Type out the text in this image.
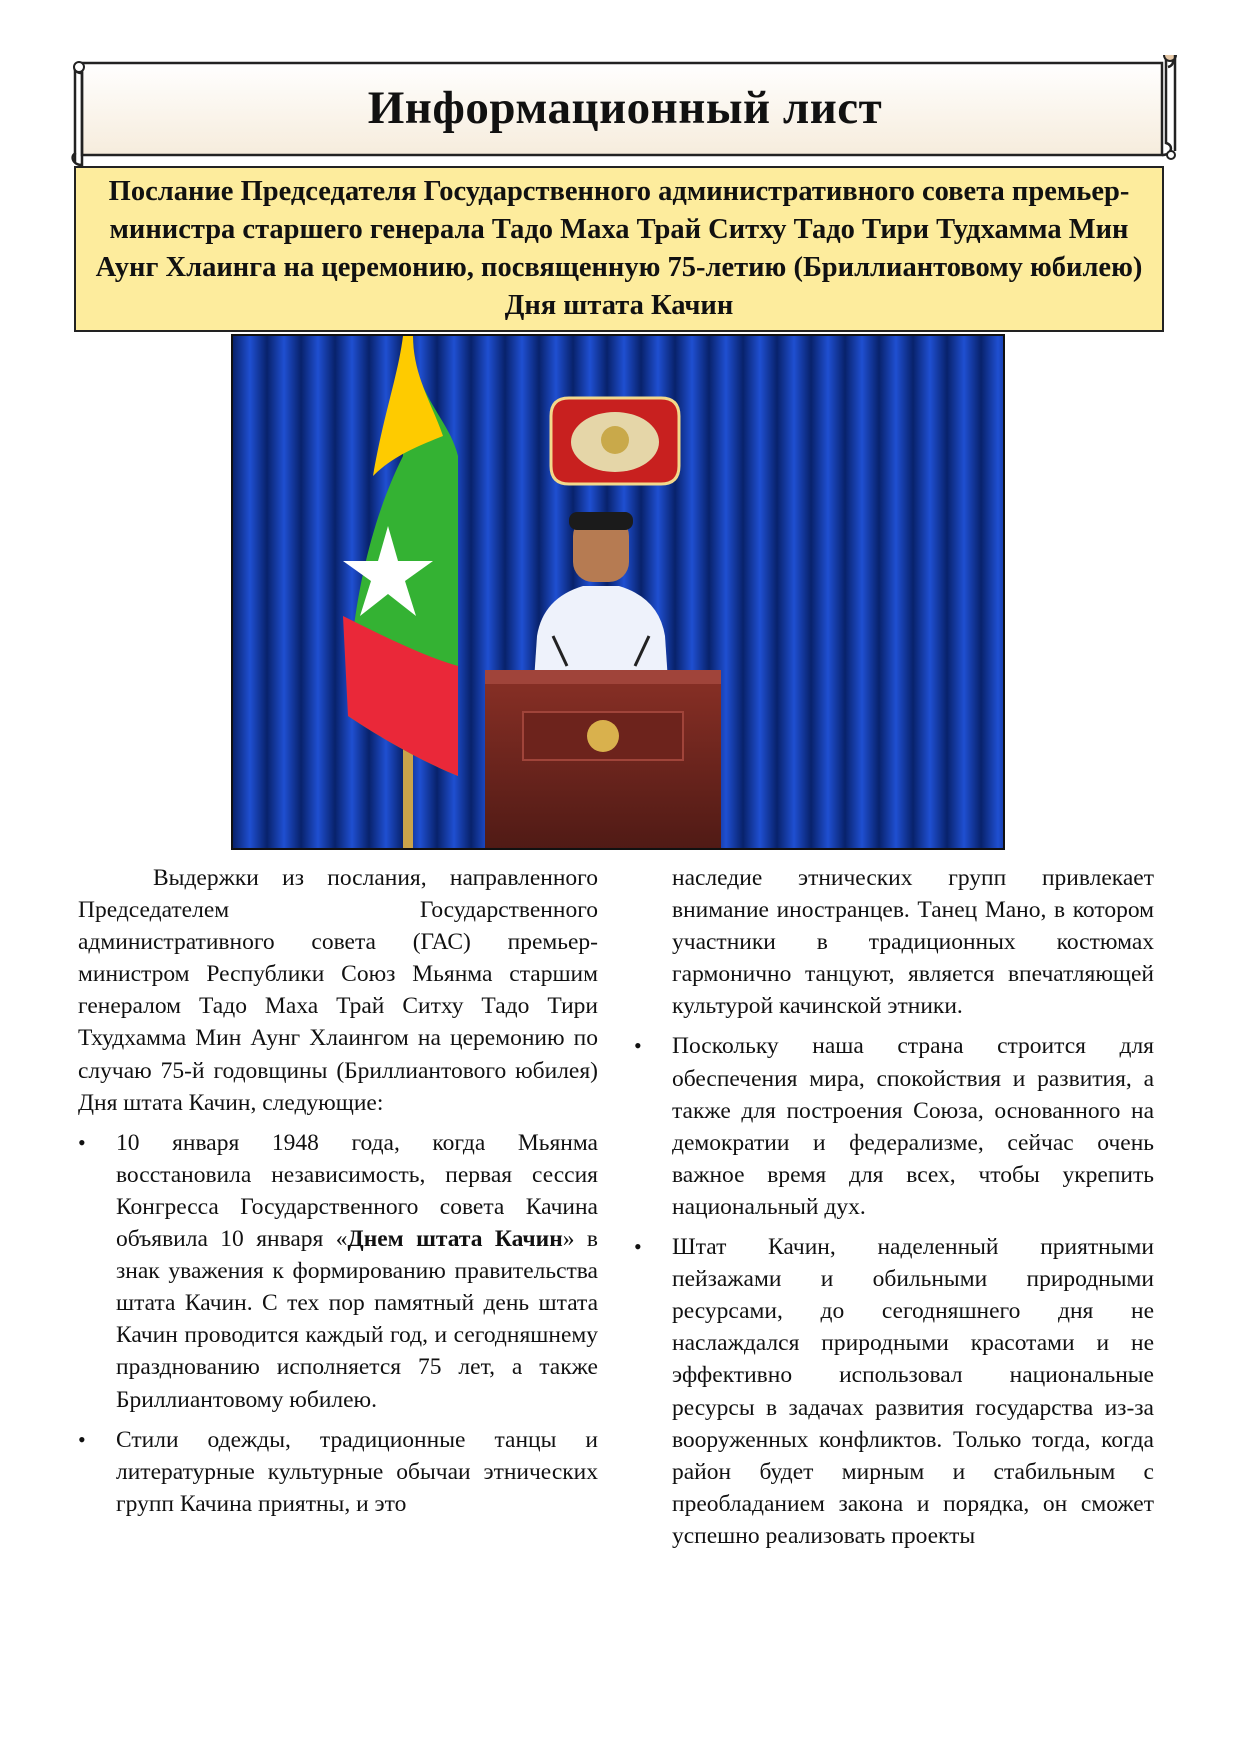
Информационный лист
Послание Председателя Государственного административного совета премьер-министра старшего генерала Тадо Маха Трай Ситху Тадо Тири Тудхамма Мин Аунг Хлаинга на церемонию, посвященную 75-летию (Бриллиантовому юбилею) Дня штата Качин

Выдержки из послания, направленного Председателем Государственного административного совета (ГАС) премьер-министром Республики Союз Мьянма старшим генералом Тадо Маха Трай Ситху Тадо Тири Тхудхамма Мин Аунг Хлаингом на церемонию по случаю 75-й годовщины (Бриллиантового юбилея) Дня штата Качин, следующие:

• 10 января 1948 года, когда Мьянма восстановила независимость, первая сессия Конгресса Государственного совета Качина объявила 10 января «Днем штата Качин» в знак уважения к формированию правительства штата Качин. С тех пор памятный день штата Качин проводится каждый год, и сегодняшнему празднованию исполняется 75 лет, а также Бриллиантовому юбилею.
• Стили одежды, традиционные танцы и литературные культурные обычаи этнических групп Качина приятны, и это
наследие этнических групп привлекает внимание иностранцев. Танец Мано, в котором участники в традиционных костюмах гармонично танцуют, является впечатляющей культурой качинской этники.
• Поскольку наша страна строится для обеспечения мира, спокойствия и развития, а также для построения Союза, основанного на демократии и федерализме, сейчас очень важное время для всех, чтобы укрепить национальный дух.
• Штат Качин, наделенный приятными пейзажами и обильными природными ресурсами, до сегодняшнего дня не наслаждался природными красотами и не эффективно использовал национальные ресурсы в задачах развития государства из-за вооруженных конфликтов. Только тогда, когда район будет мирным и стабильным с преобладанием закона и порядка, он сможет успешно реализовать проекты
